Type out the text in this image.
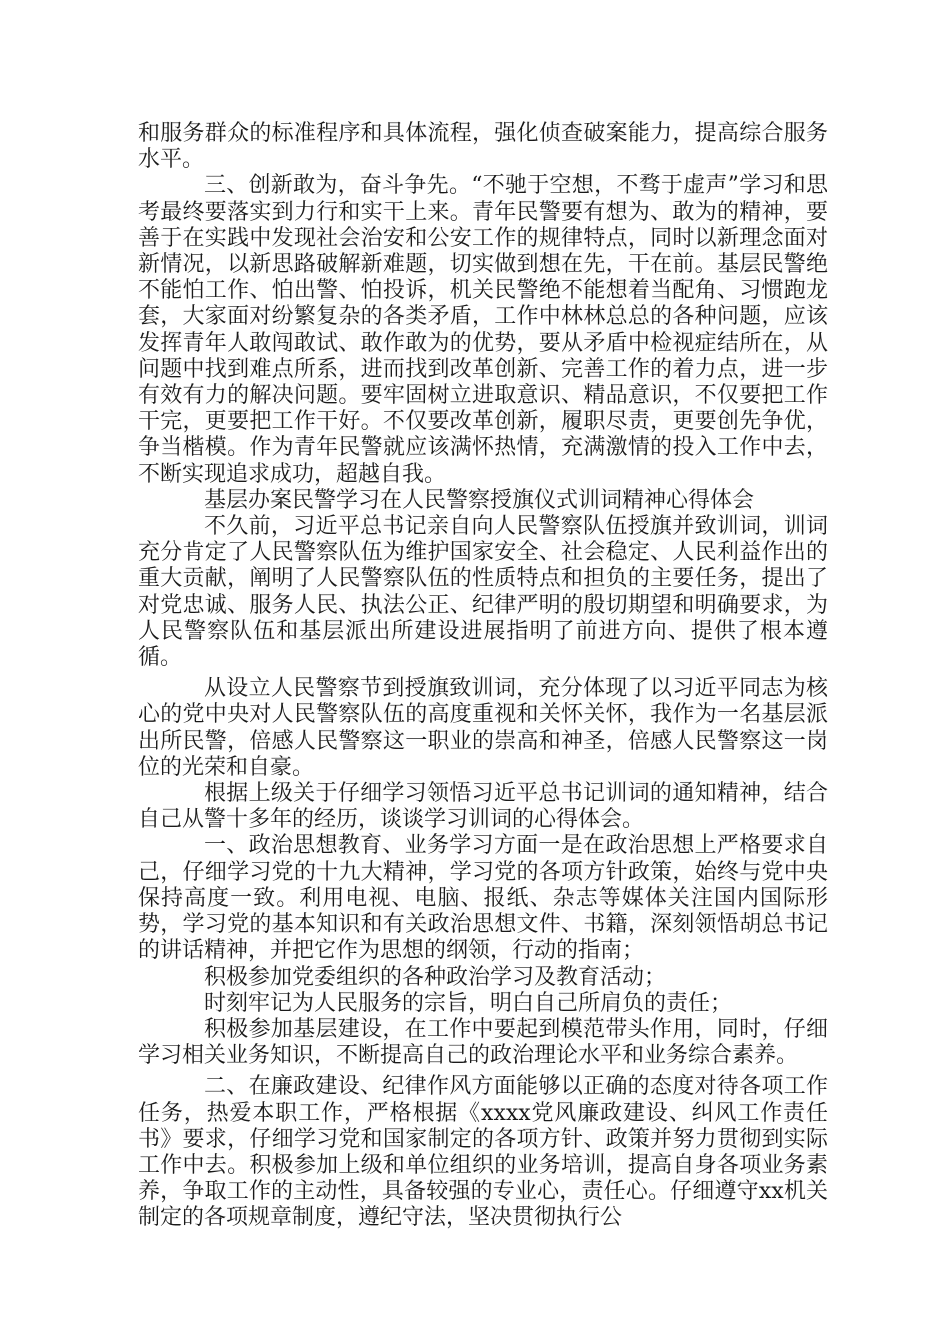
和服务群众的标准程序和具体流程，强化侦查破案能力，提高综合服务水平。

三、创新敢为，奋斗争先。“不驰于空想，不骛于虚声”学习和思考最终要落实到力行和实干上来。青年民警要有想为、敢为的精神，要善于在实践中发现社会治安和公安工作的规律特点，同时以新理念面对新情况，以新思路破解新难题，切实做到想在先，干在前。基层民警绝不能怕工作、怕出警、怕投诉，机关民警绝不能想着当配角、习惯跑龙套，大家面对纷繁复杂的各类矛盾，工作中林林总总的各种问题，应该发挥青年人敢闯敢试、敢作敢为的优势，要从矛盾中检视症结所在，从问题中找到难点所系，进而找到改革创新、完善工作的着力点，进一步有效有力的解决问题。要牢固树立进取意识、精品意识，不仅要把工作干完，更要把工作干好。不仅要改革创新，履职尽责，更要创先争优，争当楷模。作为青年民警就应该满怀热情，充满激情的投入工作中去，不断实现追求成功，超越自我。

基层办案民警学习在人民警察授旗仪式训词精神心得体会

不久前，习近平总书记亲自向人民警察队伍授旗并致训词，训词充分肯定了人民警察队伍为维护国家安全、社会稳定、人民利益作出的重大贡献，阐明了人民警察队伍的性质特点和担负的主要任务，提出了对党忠诚、服务人民、执法公正、纪律严明的殷切期望和明确要求，为人民警察队伍和基层派出所建设进展指明了前进方向、提供了根本遵循。

从设立人民警察节到授旗致训词，充分体现了以习近平同志为核心的党中央对人民警察队伍的高度重视和关怀关怀，我作为一名基层派出所民警，倍感人民警察这一职业的崇高和神圣，倍感人民警察这一岗位的光荣和自豪。

根据上级关于仔细学习领悟习近平总书记训词的通知精神，结合自己从警十多年的经历，谈谈学习训词的心得体会。

一、政治思想教育、业务学习方面一是在政治思想上严格要求自己，仔细学习党的十九大精神，学习党的各项方针政策，始终与党中央保持高度一致。利用电视、电脑、报纸、杂志等媒体关注国内国际形势，学习党的基本知识和有关政治思想文件、书籍，深刻领悟胡总书记的讲话精神，并把它作为思想的纲领，行动的指南；

积极参加党委组织的各种政治学习及教育活动；

时刻牢记为人民服务的宗旨，明白自己所肩负的责任；

积极参加基层建设，在工作中要起到模范带头作用，同时，仔细学习相关业务知识，不断提高自己的政治理论水平和业务综合素养。

二、在廉政建设、纪律作风方面能够以正确的态度对待各项工作任务，热爱本职工作，严格根据《xxxx党风廉政建设、纠风工作责任书》要求，仔细学习党和国家制定的各项方针、政策并努力贯彻到实际工作中去。积极参加上级和单位组织的业务培训，提高自身各项业务素养，争取工作的主动性，具备较强的专业心，责任心。仔细遵守xx机关制定的各项规章制度，遵纪守法，坚决贯彻执行公
